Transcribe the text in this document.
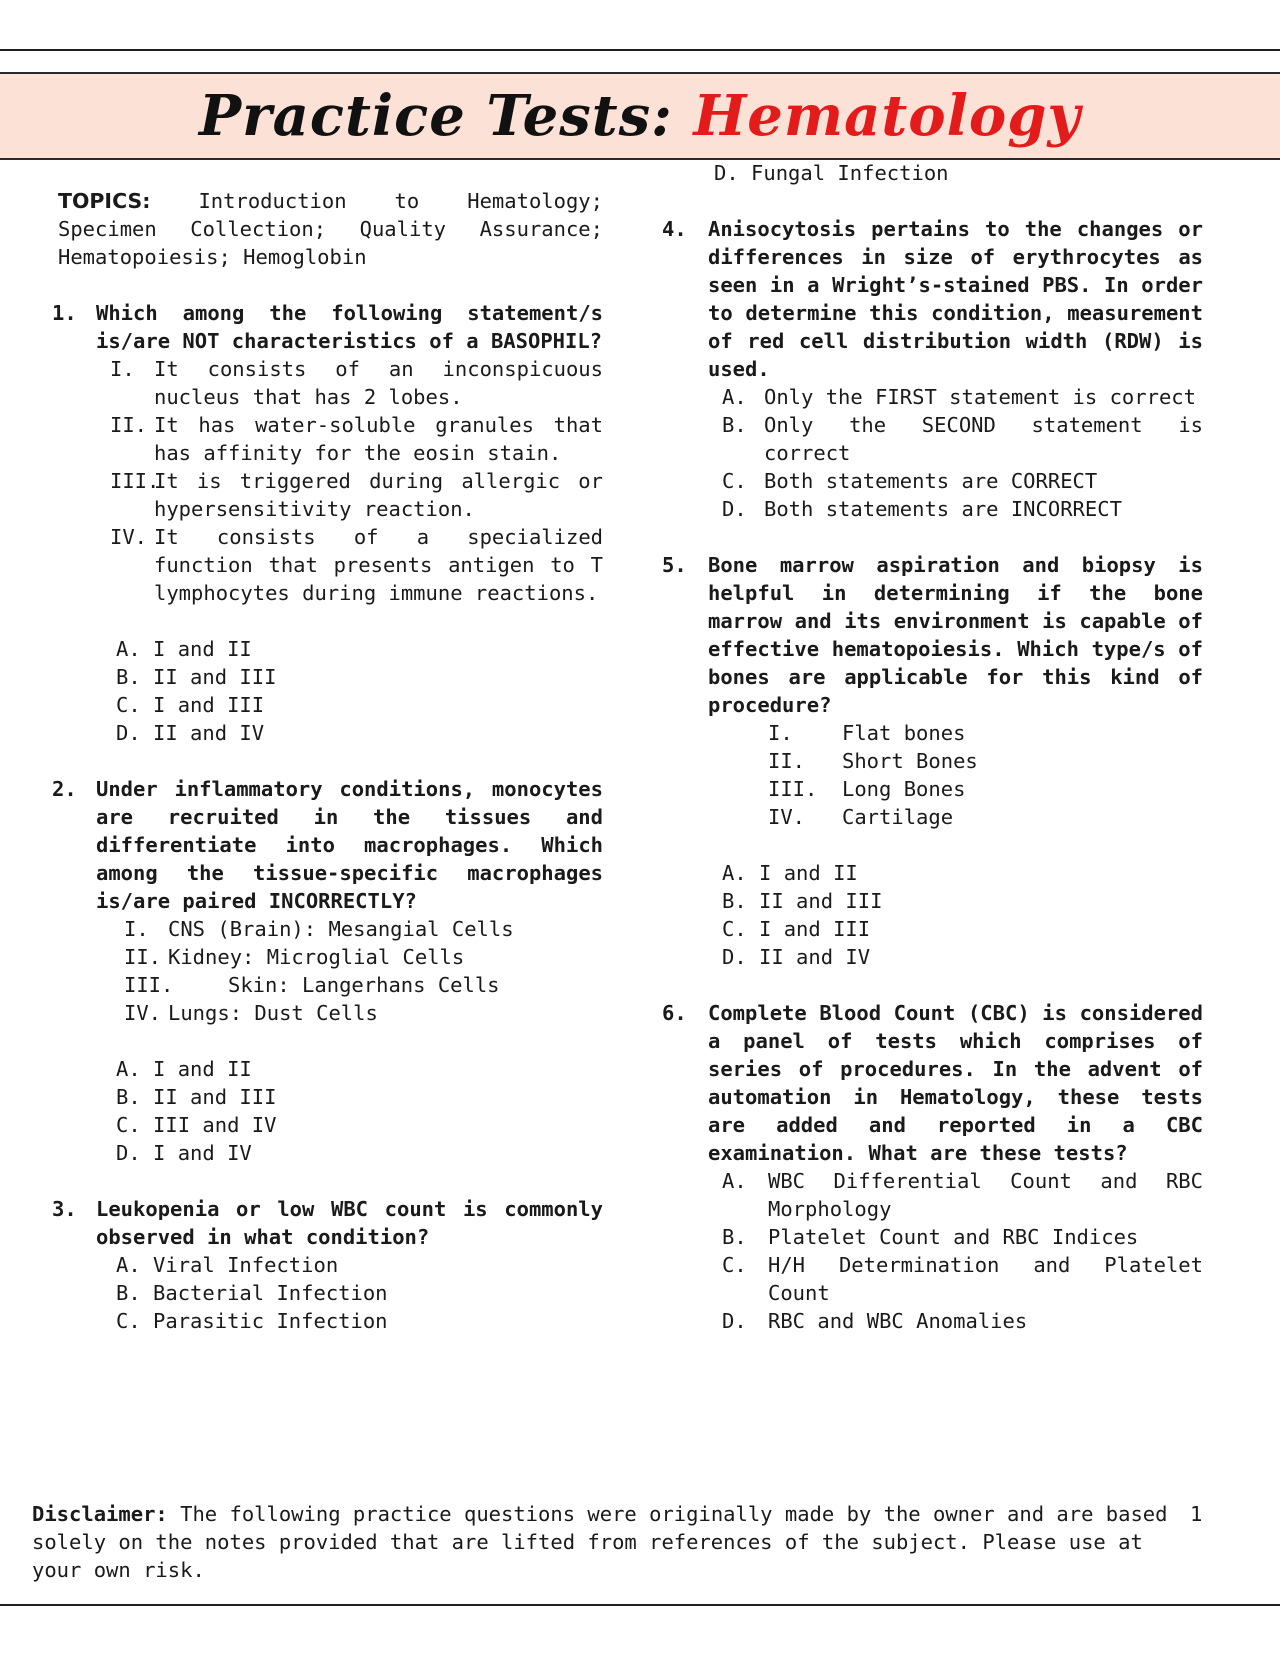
Practice Tests: Hematology

TOPICS: Introduction to Hematology;

Specimen Collection; Quality Assurance;

Hematopoiesis; Hemoglobin

1. Which among the following statement/s is/are NOT characteristics of a BASOPHIL?

I. It consists of an inconspicuous nucleus that has 2 lobes.
II. It has water-soluble granules that has affinity for the eosin stain.
III.
It is triggered during allergic or hypersensitivity reaction.
IV. It consists of a specialized function that presents antigen to T lymphocytes during immune reactions.

A. I and II

B. II and III

C. I and III

D. II and IV

2. Under inflammatory conditions, monocytes are recruited in the tissues and differentiate into macrophages. Which among the tissue-specific macrophages is/are paired INCORRECTLY?

I. CNS (Brain): Mesangial Cells
II. Kidney: Microglial Cells
III.	Skin: Langerhans Cells
IV. Lungs: Dust Cells

A. I and II

B. II and III

C. III and IV

D. I and IV

3. Leukopenia or low WBC count is commonly observed in what condition?

A. Viral Infection

B. Bacterial Infection

C. Parasitic Infection

D. Fungal Infection

4. Anisocytosis pertains to the changes or differences in size of erythrocytes as seen in a Wright’s-stained PBS. In order to determine this condition, measurement of red cell distribution width (RDW) is used.

A. Only the FIRST statement is correct
B. Only the SECOND statement is correct
C. Both statements are CORRECT
D. Both statements are INCORRECT
5. Bone marrow aspiration and biopsy is helpful in determining if the bone marrow and its environment is capable of effective hematopoiesis. Which type/s of bones are applicable for this kind of procedure?

I.	Flat bones
II.	Short Bones
III.	Long Bones
IV.	Cartilage

A. I and II

B. II and III

C. I and III

D. II and IV

6. Complete Blood Count (CBC) is considered a panel of tests which comprises of series of procedures. In the advent of automation in Hematology, these tests are added and reported in a CBC examination. What are these tests?

A.	WBC Differential Count and RBC Morphology
B.	Platelet Count and RBC Indices
C.	H/H Determination and Platelet Count
D.	RBC and WBC Anomalies
Disclaimer: The following practice questions were originally made by the owner and are based solely on the notes provided that are lifted from references of the subject. Please use at your own risk.
1
